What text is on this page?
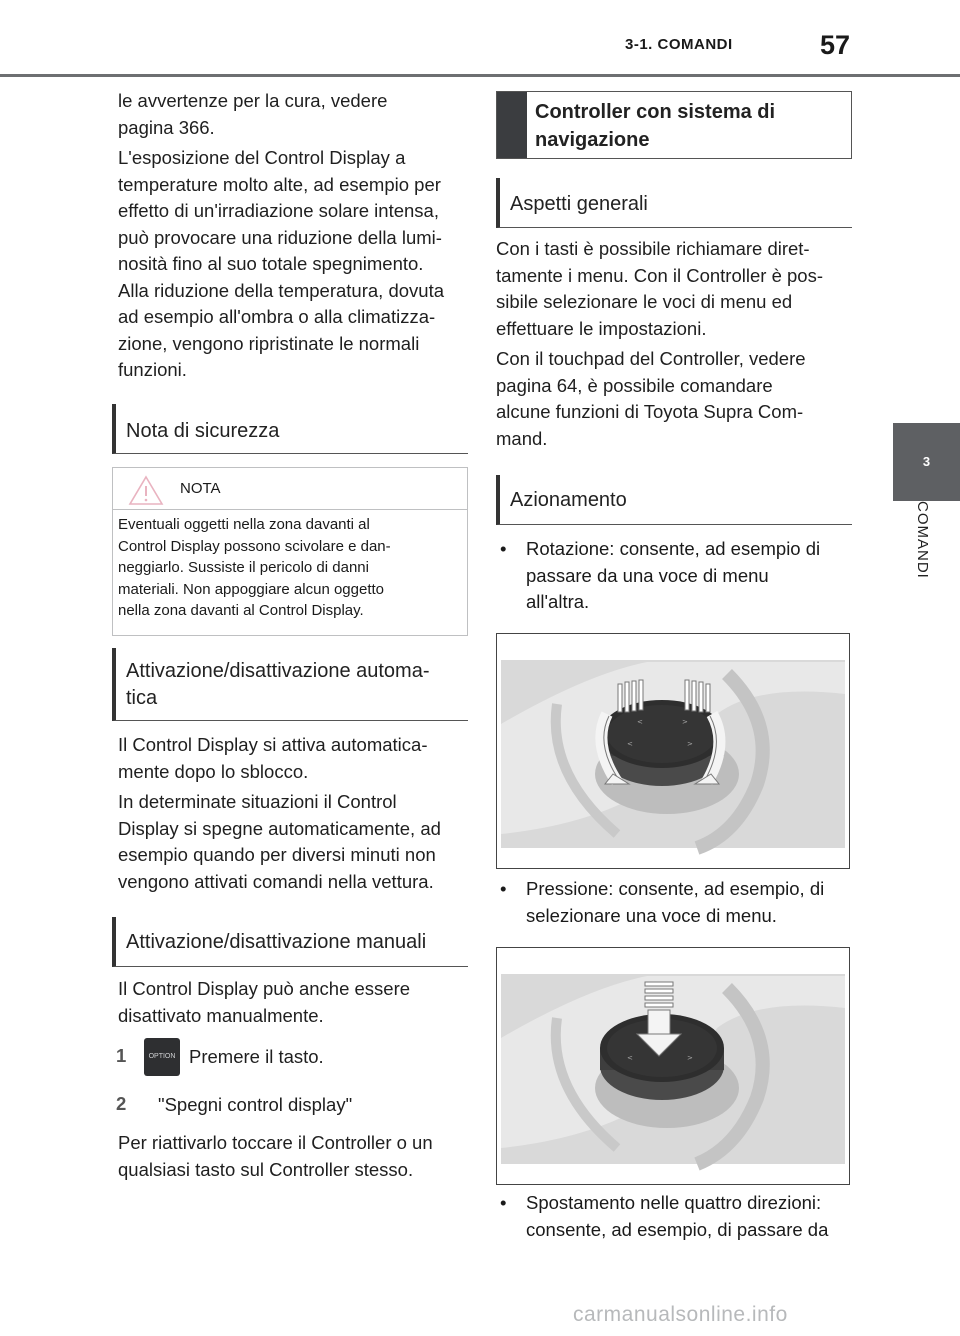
3-1. COMANDI	57
3
COMANDI

le avvertenze per la cura, vedere

pagina 366.

L'esposizione del Control Display a

temperature molto alte, ad esempio per

effetto di un'irradiazione solare intensa,

può provocare una riduzione della lumi-

nosità fino al suo totale spegnimento.

Alla riduzione della temperatura, dovuta

ad esempio all'ombra o alla climatizza-

zione, vengono ripristinate le normali

funzioni.

Nota di sicurezza
NOTA
Eventuali oggetti nella zona davanti al
Control Display possono scivolare e dan-
neggiarlo. Sussiste il pericolo di danni
materiali. Non appoggiare alcun oggetto
nella zona davanti al Control Display.
Attivazione/disattivazione automa-
tica

Il Control Display si attiva automatica-

mente dopo lo sblocco.

In determinate situazioni il Control

Display si spegne automaticamente, ad

esempio quando per diversi minuti non

vengono attivati comandi nella vettura.

Attivazione/disattivazione manuali

Il Control Display può anche essere

disattivato manualmente.

1	OPTION Premere il tasto.
2 "Spegni control display"

Per riattivarlo toccare il Controller o un

qualsiasi tasto sul Controller stesso.

Controller con sistema di
navigazione
Aspetti generali

Con i tasti è possibile richiamare diret-

tamente i menu. Con il Controller è pos-

sibile selezionare le voci di menu ed

effettuare le impostazioni.

Con il touchpad del Controller, vedere

pagina 64, è possibile comandare

alcune funzioni di Toyota Supra Com-

mand.

Azionamento
• Rotazione: consente, ad esempio di
passare da una voce di menu
all'altra.
<	>
<	>
• Pressione: consente, ad esempio, di
selezionare una voce di menu.
<	>
• Spostamento nelle quattro direzioni:
consente, ad esempio, di passare da
carmanualsonline.info
